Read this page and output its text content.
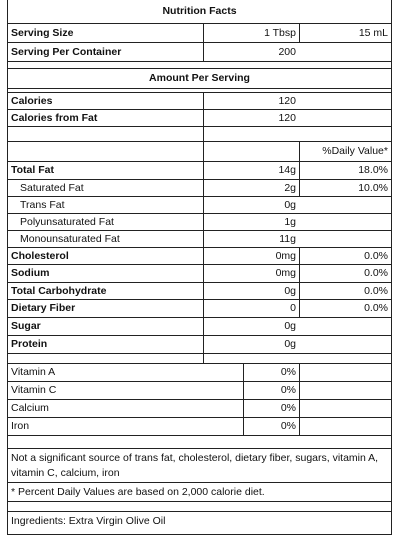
Nutrition Facts
Serving Size	1 Tbsp	15 mL
Serving Per Container	200
Amount Per Serving
Calories	120
Calories from Fat	120
%Daily Value*
Total Fat	14g	18.0%
Saturated Fat	2g	10.0%
Trans Fat	0g
Polyunsaturated Fat	1g
Monounsaturated Fat	11g
Cholesterol	0mg	0.0%
Sodium	0mg	0.0%
Total Carbohydrate	0g	0.0%
Dietary Fiber	0	0.0%
Sugar	0g
Protein	0g
Vitamin A	0%
Vitamin C	0%
Calcium	0%
Iron	0%
Not a significant source of trans fat, cholesterol, dietary fiber, sugars, vitamin A, vitamin C, calcium, iron
* Percent Daily Values are based on 2,000 calorie diet.
Ingredients: Extra Virgin Olive Oil
